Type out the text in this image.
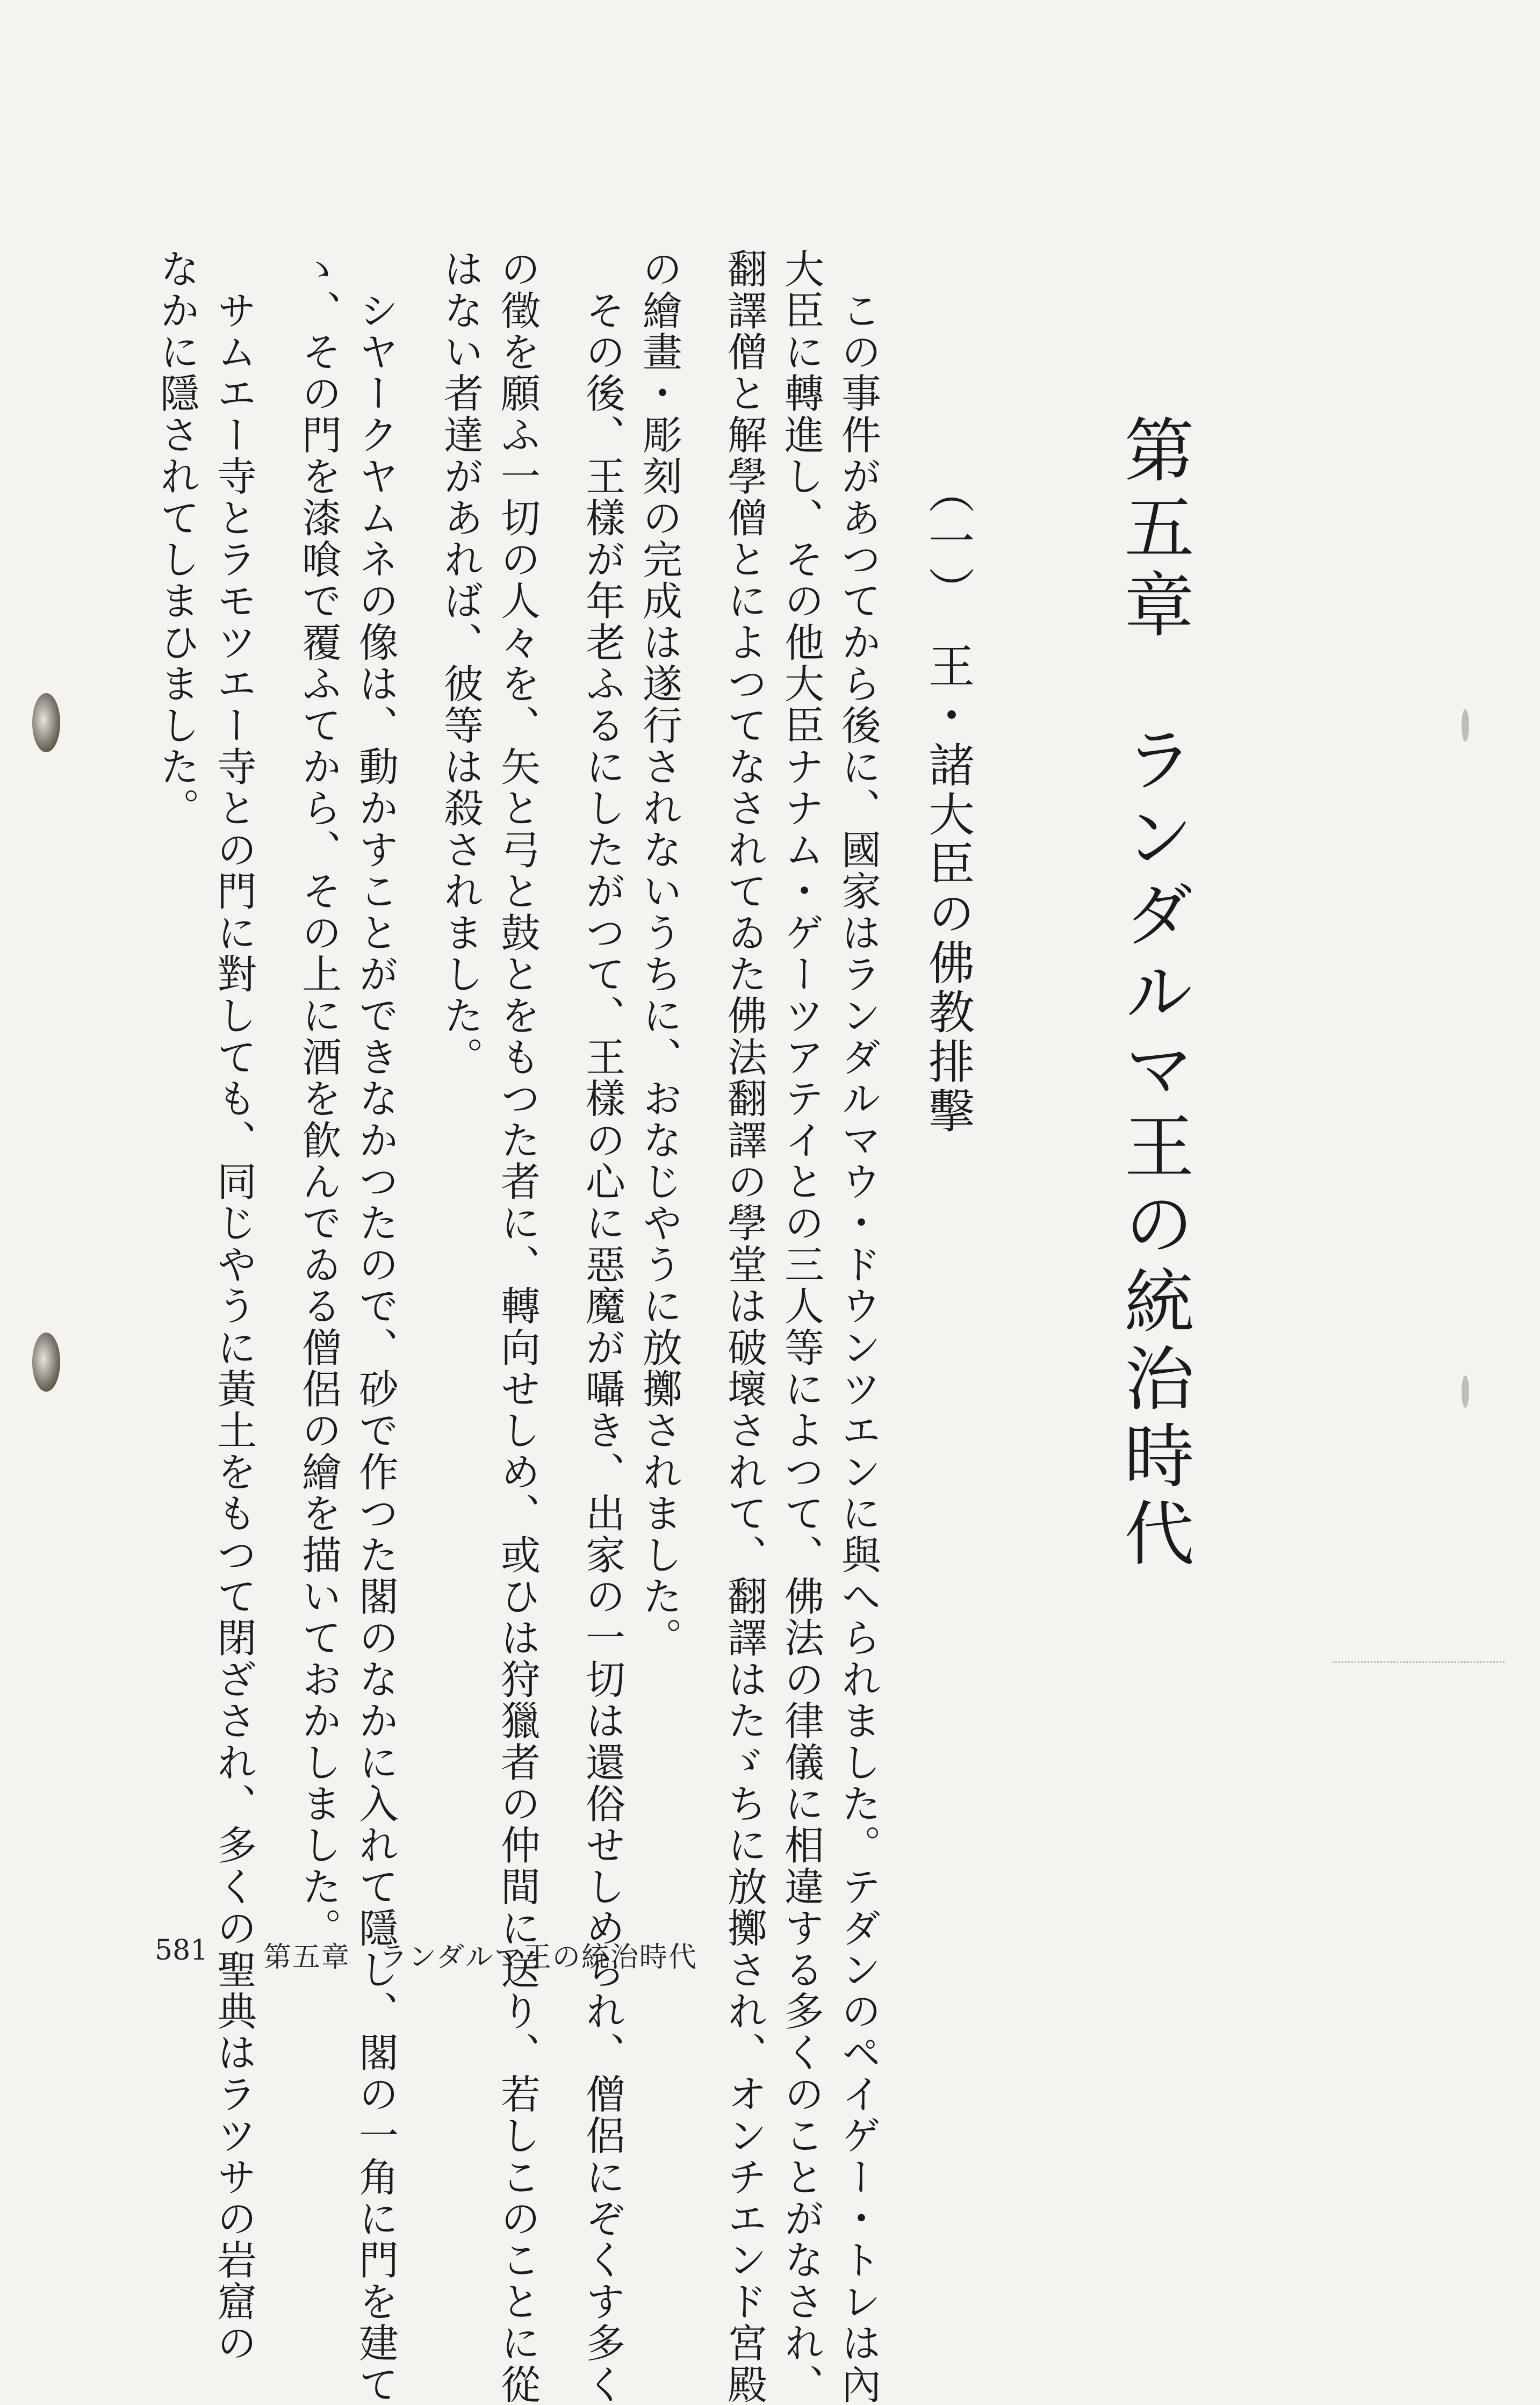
第五章　ランダルマ王の統治時代
（一）　王・諸大臣の佛教排擊
　この事件があつてから後に、國家はランダルマウ・ドウンツエンに與へられました。テダンのペイゲー・トレは內
大臣に轉進し、その他大臣ナナム・ゲーツアテイとの三人等によつて、佛法の律儀に相違する多くのことがなされ、
翻譯僧と解學僧とによつてなされてゐた佛法翻譯の學堂は破壞されて、翻譯はたゞちに放擲され、オンチエンド宮殿
の繪畫・彫刻の完成は遂行されないうちに、おなじやうに放擲されました。
　その後、王樣が年老ふるにしたがつて、王樣の心に惡魔が囁き、出家の一切は還俗せしめられ、僧侶にぞくす多く
の徵を願ふ一切の人々を、矢と弓と鼓とをもつた者に、轉向せしめ、或ひは狩獵者の仲間に送り、若しこのことに從
はない者達があれば、彼等は殺されました。
　シヤークヤムネの像は、動かすことができなかつたので、砂で作つた閣のなかに入れて隱し、閣の一角に門を建て
ゝ、その門を漆喰で覆ふてから、その上に酒を飮んでゐる僧侶の繪を描いておかしました。
　サムエー寺とラモツエー寺との門に對しても、同じやうに黃土をもつて閉ざされ、多くの聖典はラツサの岩窟の
なかに隱されてしまひました。
581 第五章　ランダルマ王の統治時代
